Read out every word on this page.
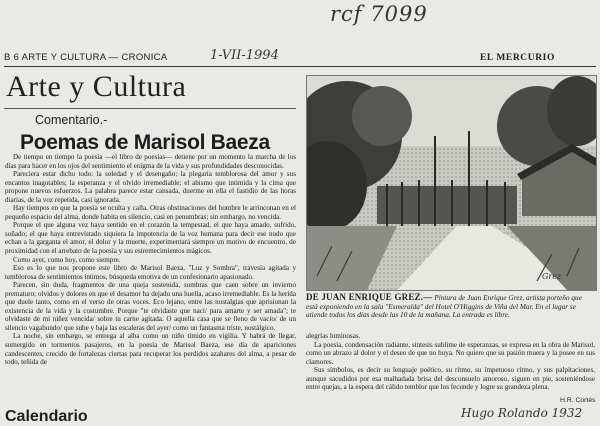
rcf 7099
1-VII-1994
B 6 ARTE Y CULTURA — CRONICA	EL MERCURIO
Arte y Cultura
Comentario.-
Poemas de Marisol Baeza

De tiempo en tiempo la poesía —el libro de poesías— detiene por un momento la marcha de los días para hacer en los ojos del sentimiento el enigma de la vida y sus profundidades desconocidas.

Pareciera estar dicho todo: la soledad y el desengaño; la plegaria temblorosa del amor y sus encantos inagotables; la esperanza y el olvido irremediable; el abismo que intimida y la cima que propone nuevos esfuerzos. La palabra parece estar cansada, duerme en ella el fastidio de las horas diarias, de la voz repetida, casi ignorada.

Hay tiempos en que la poesía se oculta y calla. Otras obstinaciones del hombre le arrinconan en el pequeño espacio del alma, donde habita en silencio, casi en penumbras; sin embargo, no vencida.

Porque el que alguna vez haya sentido en el corazón la tempestad, el que haya amado, sufrido, soñado; el que haya entrevistado siquiera la impotencia de la voz humana para decir ese nudo que echan a la garganta el amor, el dolor y la muerte, experimentará siempre un motivo de encuentro, de proximidad con el arrebato de la poesía y sus estremecimientos mágicos.

Como ayer, como hoy, como siempre.

Eso es lo que nos propone este libro de Marisol Baeza, "Luz y Sombra", travesía agitada y temblorosa de sentimientos íntimos, búsqueda emotiva de un confesionario apasionado.

Parecen, sin duda, fragmentos de una queja sostenida, sombras que caen sobre un invierno prematuro; olvidos y dolores en que el desamor ha dejado una huella, acaso irremediable. Es la herida que duele tanto, como en el verso de otras voces. Eco lejano, entre las nostalgias que aprisionan la existencia de la vida y la costumbre. Porque "te olvidaste que nací/ para amarte y ser amada"; te olvidaste de mi niñez vencida/ sobre tu carne agitada. O aquella casa que se lleno de vacío/ de un silencio vagabundo/ que sube y baja las escaleras del ayer/ como un fantasma triste, nostálgico.

La noche, sin embargo, se entrega al alba como un niño tímido en vigilia. Y habrá de llegar, sumergido en tormentos pasajeros, en la poesía de Marisol Baeza, ese día de apariciones candescentes, crecido de fortalezas ciertas para recuperar los perdidos azahares del alma, a pesar de todo, teñida de

Grez
DE JUAN ENRIQUE GREZ.— Pintura de Juan Enrique Grez, artista porteño que está exponiendo en la sala "Esmeralda" del Hotel O'Higgins de Viña del Mar. En el lugar se atiende todos los días desde las 10 de la mañana. La entrada es libre.

alegrías luminosas.

La poesía, condensación radiante, síntesis sublime de esperanzas, se expresa en la obra de Marisol, como un abrazo al dolor y el deseo de que no huya. No quiere que su pasión muera y la posee en sus clamores.

Sus símbolos, es decir su lenguaje poético, su ritmo, su ímpetuoso ritmo, y sus palpitaciones, aunque sacudidos por esa malhadada brisa del desconsuelo amoroso, siguen en pie, sosteniéndose entre quejas, a la espera del cálido temblor que los fecunde y logre su grandeza plena.

H.R. Cortés
Calendario	Hugo Rolando 1932
